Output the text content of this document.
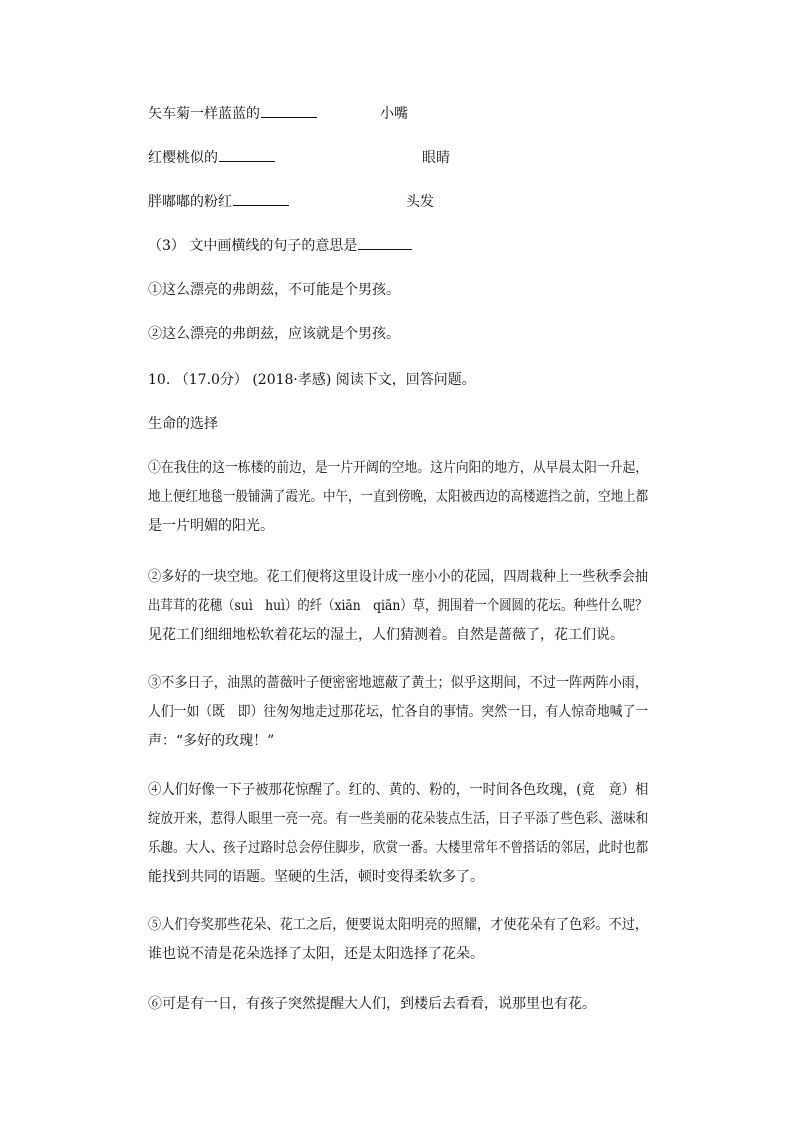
矢车菊一样蓝蓝的	小嘴
红樱桃似的	眼睛
胖嘟嘟的粉红	头发
（3） 文中画横线的句子的意思是
①这么漂亮的弗朗兹，不可能是个男孩。
②这么漂亮的弗朗兹，应该就是个男孩。
10. （17.0分） (2018·孝感) 阅读下文，回答问题。
生命的选择
①在我住的这一栋楼的前边，是一片开阔的空地。这片向阳的地方，从早晨太阳一升起，
地上便红地毯一般铺满了霞光。中午，一直到傍晚，太阳被西边的高楼遮挡之前，空地上都
是一片明媚的阳光。
②多好的一块空地。花工们便将这里设计成一座小小的花园，四周栽种上一些秋季会抽
出茸茸的花穗（suì　huì）的纤（xiān　qiān）草，拥围着一个圆圆的花坛。种些什么呢？
见花工们细细地松软着花坛的湿土，人们猜测着。自然是蔷薇了，花工们说。
③不多日子，油黑的蔷薇叶子便密密地遮蔽了黄土；似乎这期间，不过一阵两阵小雨，
人们一如（既　即）往匆匆地走过那花坛，忙各自的事情。突然一日，有人惊奇地喊了一
声：“多好的玫瑰！”
④人们好像一下子被那花惊醒了。红的、黄的、粉的，一时间各色玫瑰，(竟　竟）相
绽放开来，惹得人眼里一亮一亮。有一些美丽的花朵装点生活，日子平添了些色彩、滋味和
乐趣。大人、孩子过路时总会停住脚步，欣赏一番。大楼里常年不曾搭话的邻居，此时也都
能找到共同的语题。坚硬的生活，顿时变得柔软多了。
⑤人们夸奖那些花朵、花工之后，便要说太阳明亮的照耀，才使花朵有了色彩。不过，
谁也说不清是花朵选择了太阳，还是太阳选择了花朵。
⑥可是有一日，有孩子突然提醒大人们，到楼后去看看，说那里也有花。
